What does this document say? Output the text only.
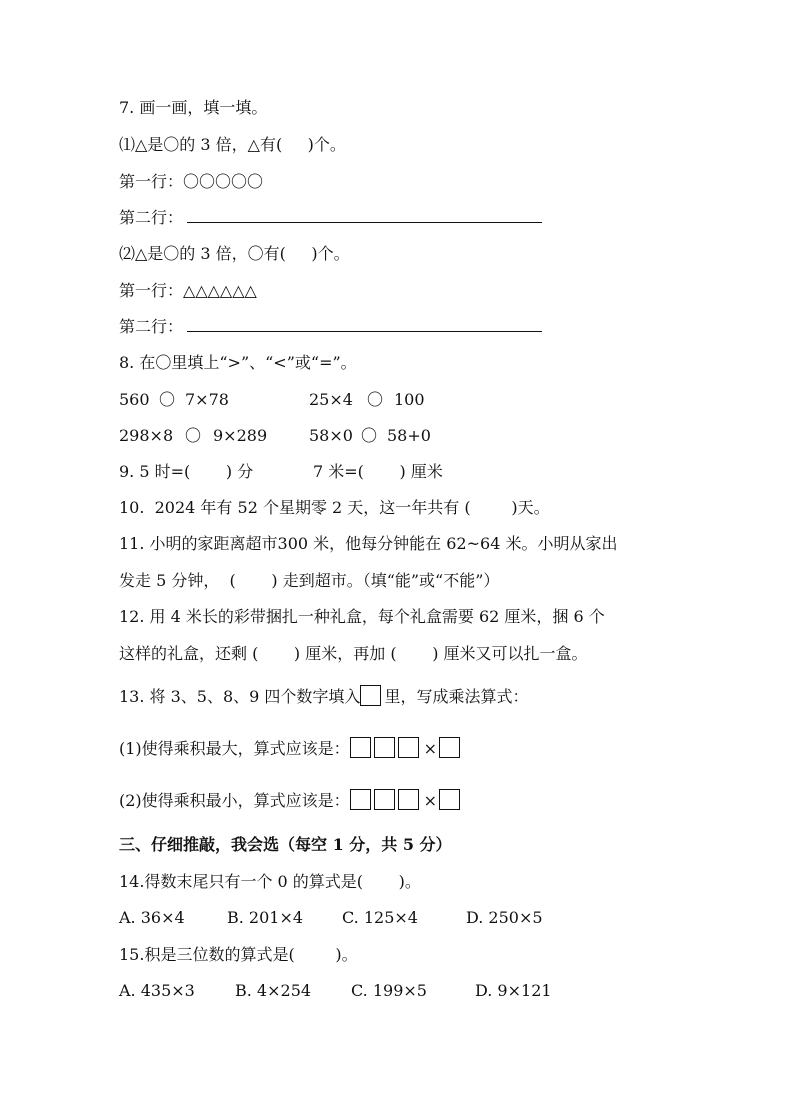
7. 画一画，填一填。
⑴△是〇的 3 倍，△有(     )个。
第一行：〇〇〇〇〇
第二行：
⑵△是〇的 3 倍，〇有(     )个。
第一行：△△△△△△
第二行：
8. 在〇里填上“>”、“<”或“=”。
560 〇 7×78	25×4 〇 100
298×8 〇 9×289	58×0 〇 58+0
9. 5 时=(       ) 分	7 米=(       ) 厘米
10.  2024 年有 52 个星期零 2 天，这一年共有 (        )天。
11. 小明的家距离超市300 米，他每分钟能在 62~64 米。小明从家出
发走 5 分钟，  (       ) 走到超市。（填“能”或“不能”）
12. 用 4 米长的彩带捆扎一种礼盒，每个礼盒需要 62 厘米，捆 6 个
这样的礼盒，还剩 (       ) 厘米，再加 (       ) 厘米又可以扎一盒。
13. 将 3、5、8、9 四个数字填入 里，写成乘法算式：
(1)使得乘积最大，算式应该是：	×
(2)使得乘积最小，算式应该是：	×
三、仔细推敲，我会选（每空 1 分，共 5 分）
14.得数末尾只有一个 0 的算式是(       )。
A. 36×4	B. 201×4 C. 125×4	D. 250×5
15.积是三位数的算式是(        )。
A. 435×3	B. 4×254 C. 199×5	D. 9×121
